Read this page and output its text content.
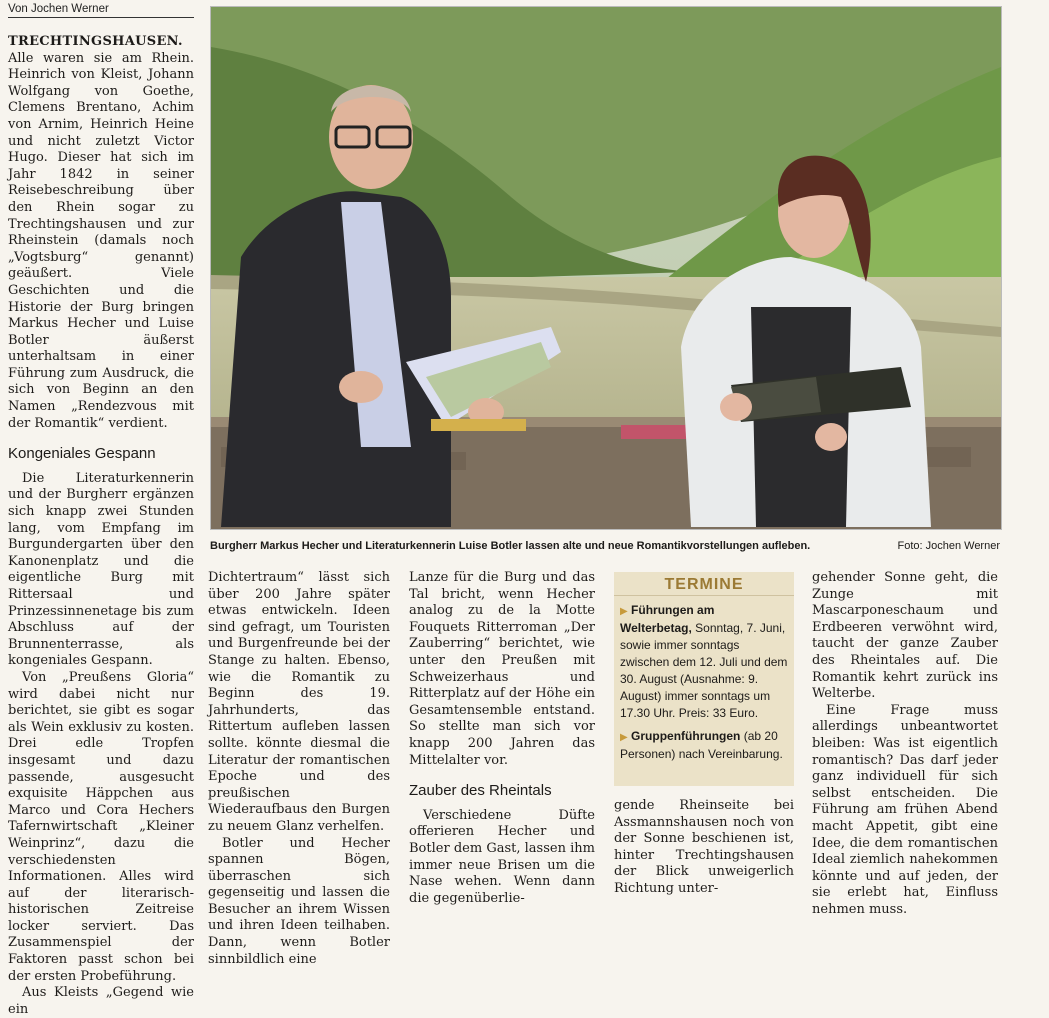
Von Jochen Werner

TRECHTINGSHAUSEN. Alle waren sie am Rhein. Heinrich von Kleist, Johann Wolfgang von Goethe, Clemens Brentano, Achim von Arnim, Heinrich Heine und nicht zuletzt Victor Hugo. Dieser hat sich im Jahr 1842 in seiner Reisebeschreibung über den Rhein sogar zu Trechtingshausen und zur Rheinstein (damals noch „Vogtsburg“ genannt) geäußert. Viele Geschichten und die Historie der Burg bringen Markus Hecher und Luise Botler äußerst unterhaltsam in einer Führung zum Ausdruck, die sich von Beginn an den Namen „Rendezvous mit der Romantik“ verdient.

Kongeniales Gespann

Die Literaturkennerin und der Burgherr ergänzen sich knapp zwei Stunden lang, vom Empfang im Burgundergarten über den Kanonenplatz und die eigentliche Burg mit Rittersaal und Prinzessinnenetage bis zum Abschluss auf der Brunnenterrasse, als kongeniales Gespann.

Von „Preußens Gloria“ wird dabei nicht nur berichtet, sie gibt es sogar als Wein exklusiv zu kosten. Drei edle Tropfen insgesamt und dazu passende, ausgesucht exquisite Häppchen aus Marco und Cora Hechers Tafernwirtschaft „Kleiner Weinprinz“, dazu die verschiedensten Informationen. Alles wird auf der literarisch-historischen Zeitreise locker serviert. Das Zusammenspiel der Faktoren passt schon bei der ersten Probeführung.

Aus Kleists „Gegend wie ein

Burgherr Markus Hecher und Literaturkennerin Luise Botler lassen alte und neue Romantikvorstellungen aufleben.	Foto: Jochen Werner

Dichtertraum“ lässt sich über 200 Jahre später etwas entwickeln. Ideen sind gefragt, um Touristen und Burgenfreunde bei der Stange zu halten. Ebenso, wie die Romantik zu Beginn des 19. Jahrhunderts, das Rittertum aufleben lassen sollte. könnte diesmal die Literatur der romantischen Epoche und des preußischen Wiederaufbaus den Burgen zu neuem Glanz verhelfen.

Botler und Hecher spannen Bögen, überraschen sich gegenseitig und lassen die Besucher an ihrem Wissen und ihren Ideen teilhaben. Dann, wenn Botler sinnbildlich eine

Lanze für die Burg und das Tal bricht, wenn Hecher analog zu de la Motte Fouquets Ritterroman „Der Zauberring“ berichtet, wie unter den Preußen mit Schweizerhaus und Ritterplatz auf der Höhe ein Gesamtensemble entstand. So stellte man sich vor knapp 200 Jahren das Mittelalter vor.

Zauber des Rheintals

Verschiedene Düfte offerieren Hecher und Botler dem Gast, lassen ihm immer neue Brisen um die Nase wehen. Wenn dann die gegenüberlie-

TERMINE

▶ Führungen am Welterbetag, Sonntag, 7. Juni, sowie immer sonntags zwischen dem 12. Juli und dem 30. August (Ausnahme: 9. August) immer sonntags um 17.30 Uhr. Preis: 33 Euro.

▶ Gruppenführungen (ab 20 Personen) nach Vereinbarung.

gende Rheinseite bei Assmannshausen noch von der Sonne beschienen ist, hinter Trechtingshausen der Blick unweigerlich Richtung unter-

gehender Sonne geht, die Zunge mit Mascarponeschaum und Erdbeeren verwöhnt wird, taucht der ganze Zauber des Rheintales auf. Die Romantik kehrt zurück ins Welterbe.

Eine Frage muss allerdings unbeantwortet bleiben: Was ist eigentlich romantisch? Das darf jeder ganz individuell für sich selbst entscheiden. Die Führung am frühen Abend macht Appetit, gibt eine Idee, die dem romantischen Ideal ziemlich nahekommen könnte und auf jeden, der sie erlebt hat, Einfluss nehmen muss.
